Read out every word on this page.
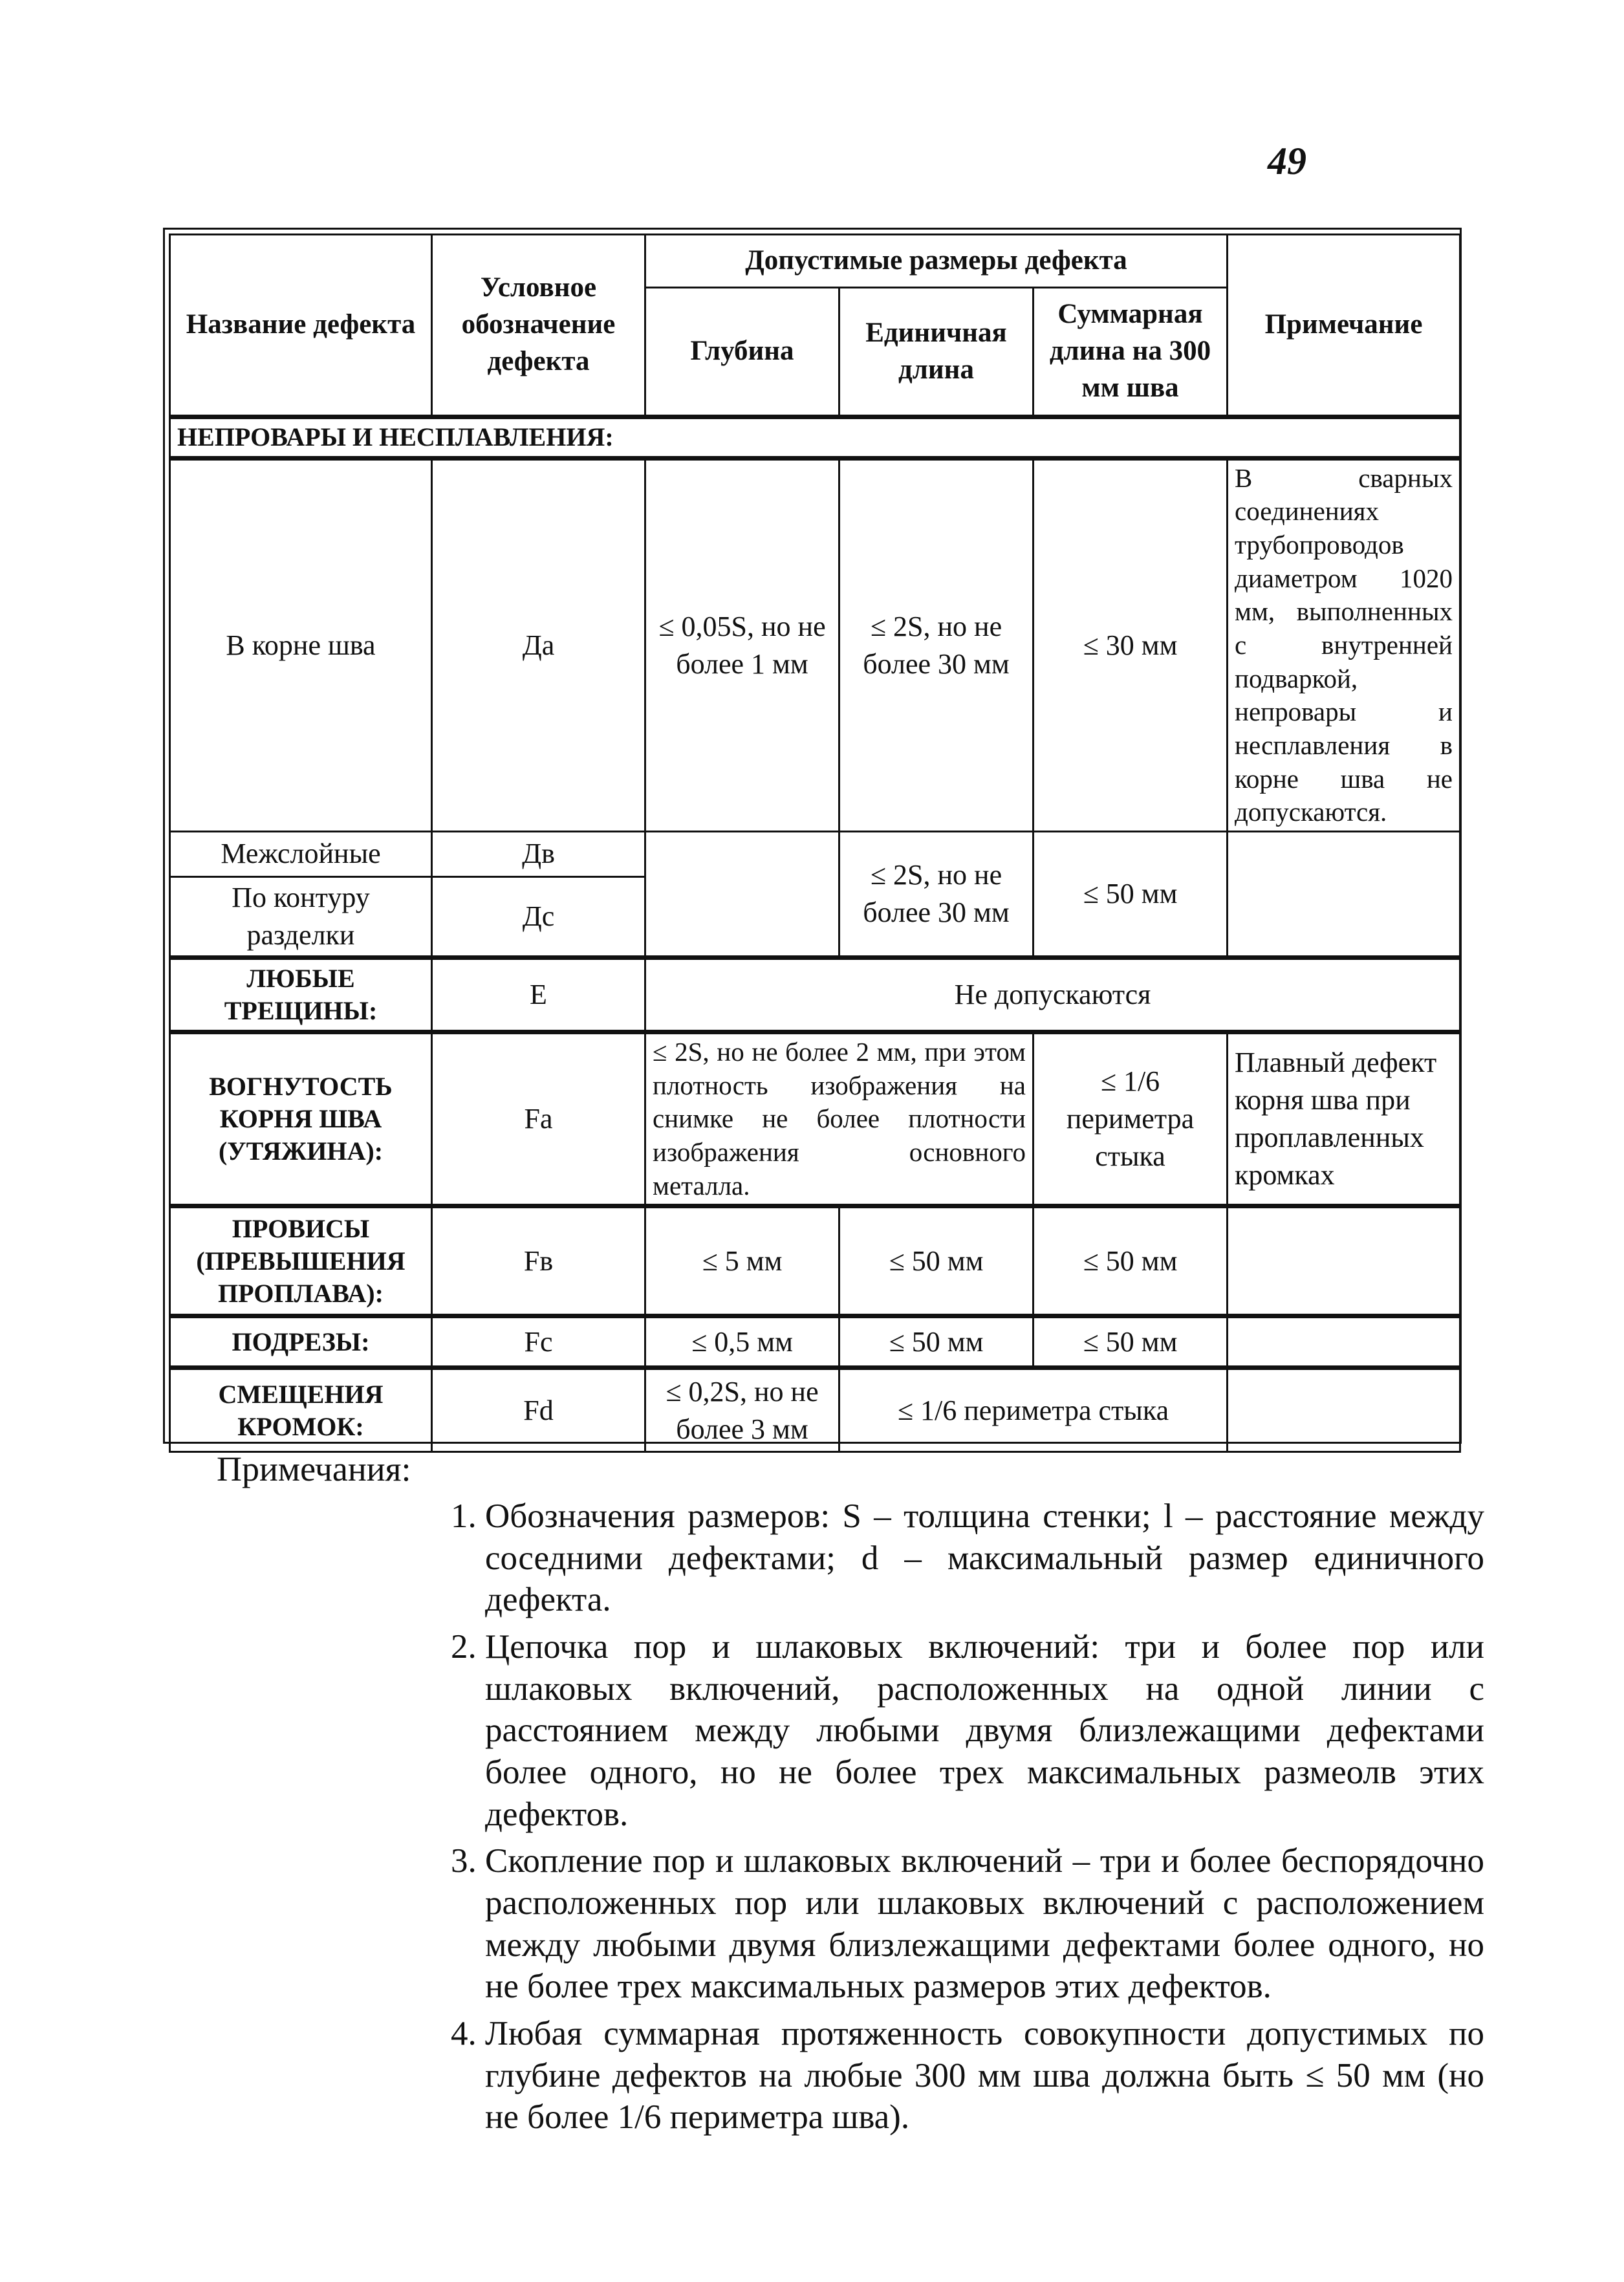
49
Название дефекта	Условное обозначение дефекта	Допустимые размеры дефекта			Примечание
		Глубина	Единичная длина	Суммарная длина на 300 мм шва	
НЕПРОВАРЫ И НЕСПЛАВЛЕНИЯ:					
В корне шва	Да	≤ 0,05S, но не более 1 мм	≤ 2S, но не более 30 мм	≤ 30 мм	В сварных соединениях трубопроводов диаметром 1020 мм, выполненных с внутренней подваркой, непровары и несплавления в корне шва не допускаются.
Межслойные	Дв		≤ 2S, но не более 30 мм	≤ 50 мм	
По контуру разделки	Дс				
ЛЮБЫЕ ТРЕЩИНЫ:	Е	Не допускаются			
ВОГНУТОСТЬ КОРНЯ ШВА (УТЯЖИНА):	Fa	≤ 2S, но не более 2 мм, при этом плотность изображения на снимке не более плотности изображения основного металла.		≤ 1/6 периметра стыка	Плавный дефект корня шва при проплавленных кромках
ПРОВИСЫ (ПРЕВЫШЕНИЯ ПРОПЛАВА):	Fв	≤ 5 мм	≤ 50 мм	≤ 50 мм	
ПОДРЕЗЫ:	Fc	≤ 0,5 мм	≤ 50 мм	≤ 50 мм	
СМЕЩЕНИЯ КРОМОК:	Fd	≤ 0,2S, но не более 3 мм	≤ 1/6 периметра стыка		
Примечания:
1. Обозначения размеров: S – толщина стенки; l – расстояние между соседними дефектами; d – максимальный размер единичного дефекта.
2. Цепочка пор и шлаковых включений: три и более пор или шлаковых включений, расположенных на одной линии с расстоянием между любыми двумя близлежащими дефектами более одного, но не более трех максимальных размеолв этих дефектов.
3. Скопление пор и шлаковых включений – три и более беспорядочно расположенных пор или шлаковых включений с расположением между любыми двумя близлежащими дефектами более одного, но не более трех максимальных размеров этих дефектов.
4. Любая суммарная протяженность совокупности допустимых по глубине дефектов на любые 300 мм шва должна быть ≤ 50 мм (но не более 1/6 периметра шва).
